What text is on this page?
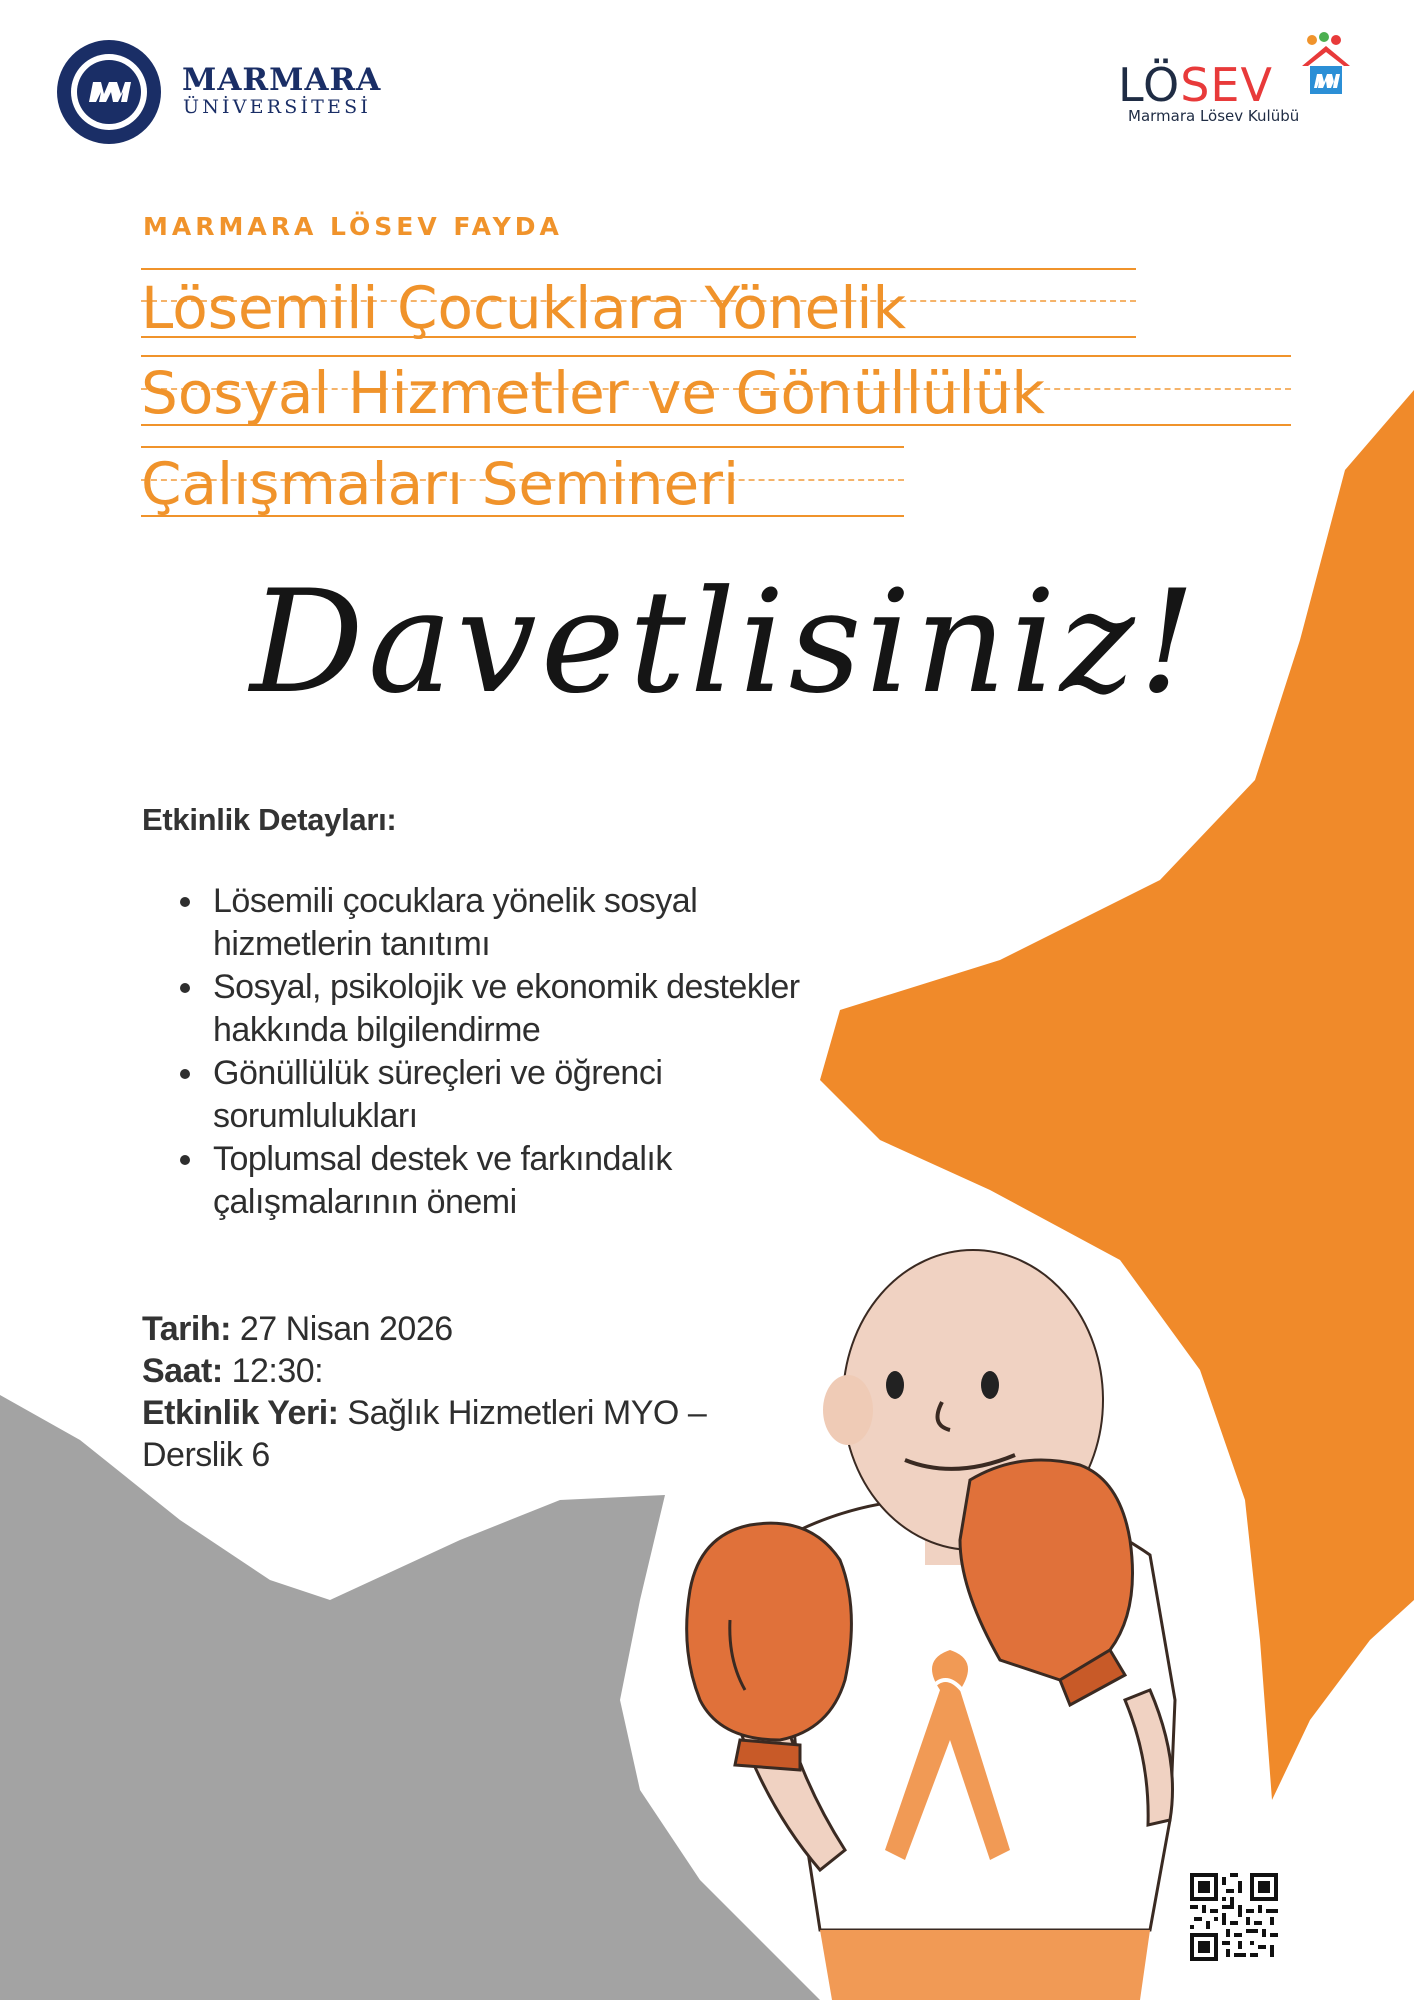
MARMARA
ÜNİVERSİTESİ	LÖSEV
Marmara Lösev Kulübü
MARMARA LÖSEV FAYDA
Lösemili Çocuklara Yönelik
Sosyal Hizmetler ve Gönüllülük
Çalışmaları Semineri
Davetlisiniz!
Etkinlik Detayları:
• Lösemili çocuklara yönelik sosyal hizmetlerin tanıtımı
• Sosyal, psikolojik ve ekonomik destekler hakkında bilgilendirme
• Gönüllülük süreçleri ve öğrenci sorumlulukları
• Toplumsal destek ve farkındalık çalışmalarının önemi
Tarih: 27 Nisan 2026
Saat: 12:30:
Etkinlik Yeri: Sağlık Hizmetleri MYO – Derslik 6
